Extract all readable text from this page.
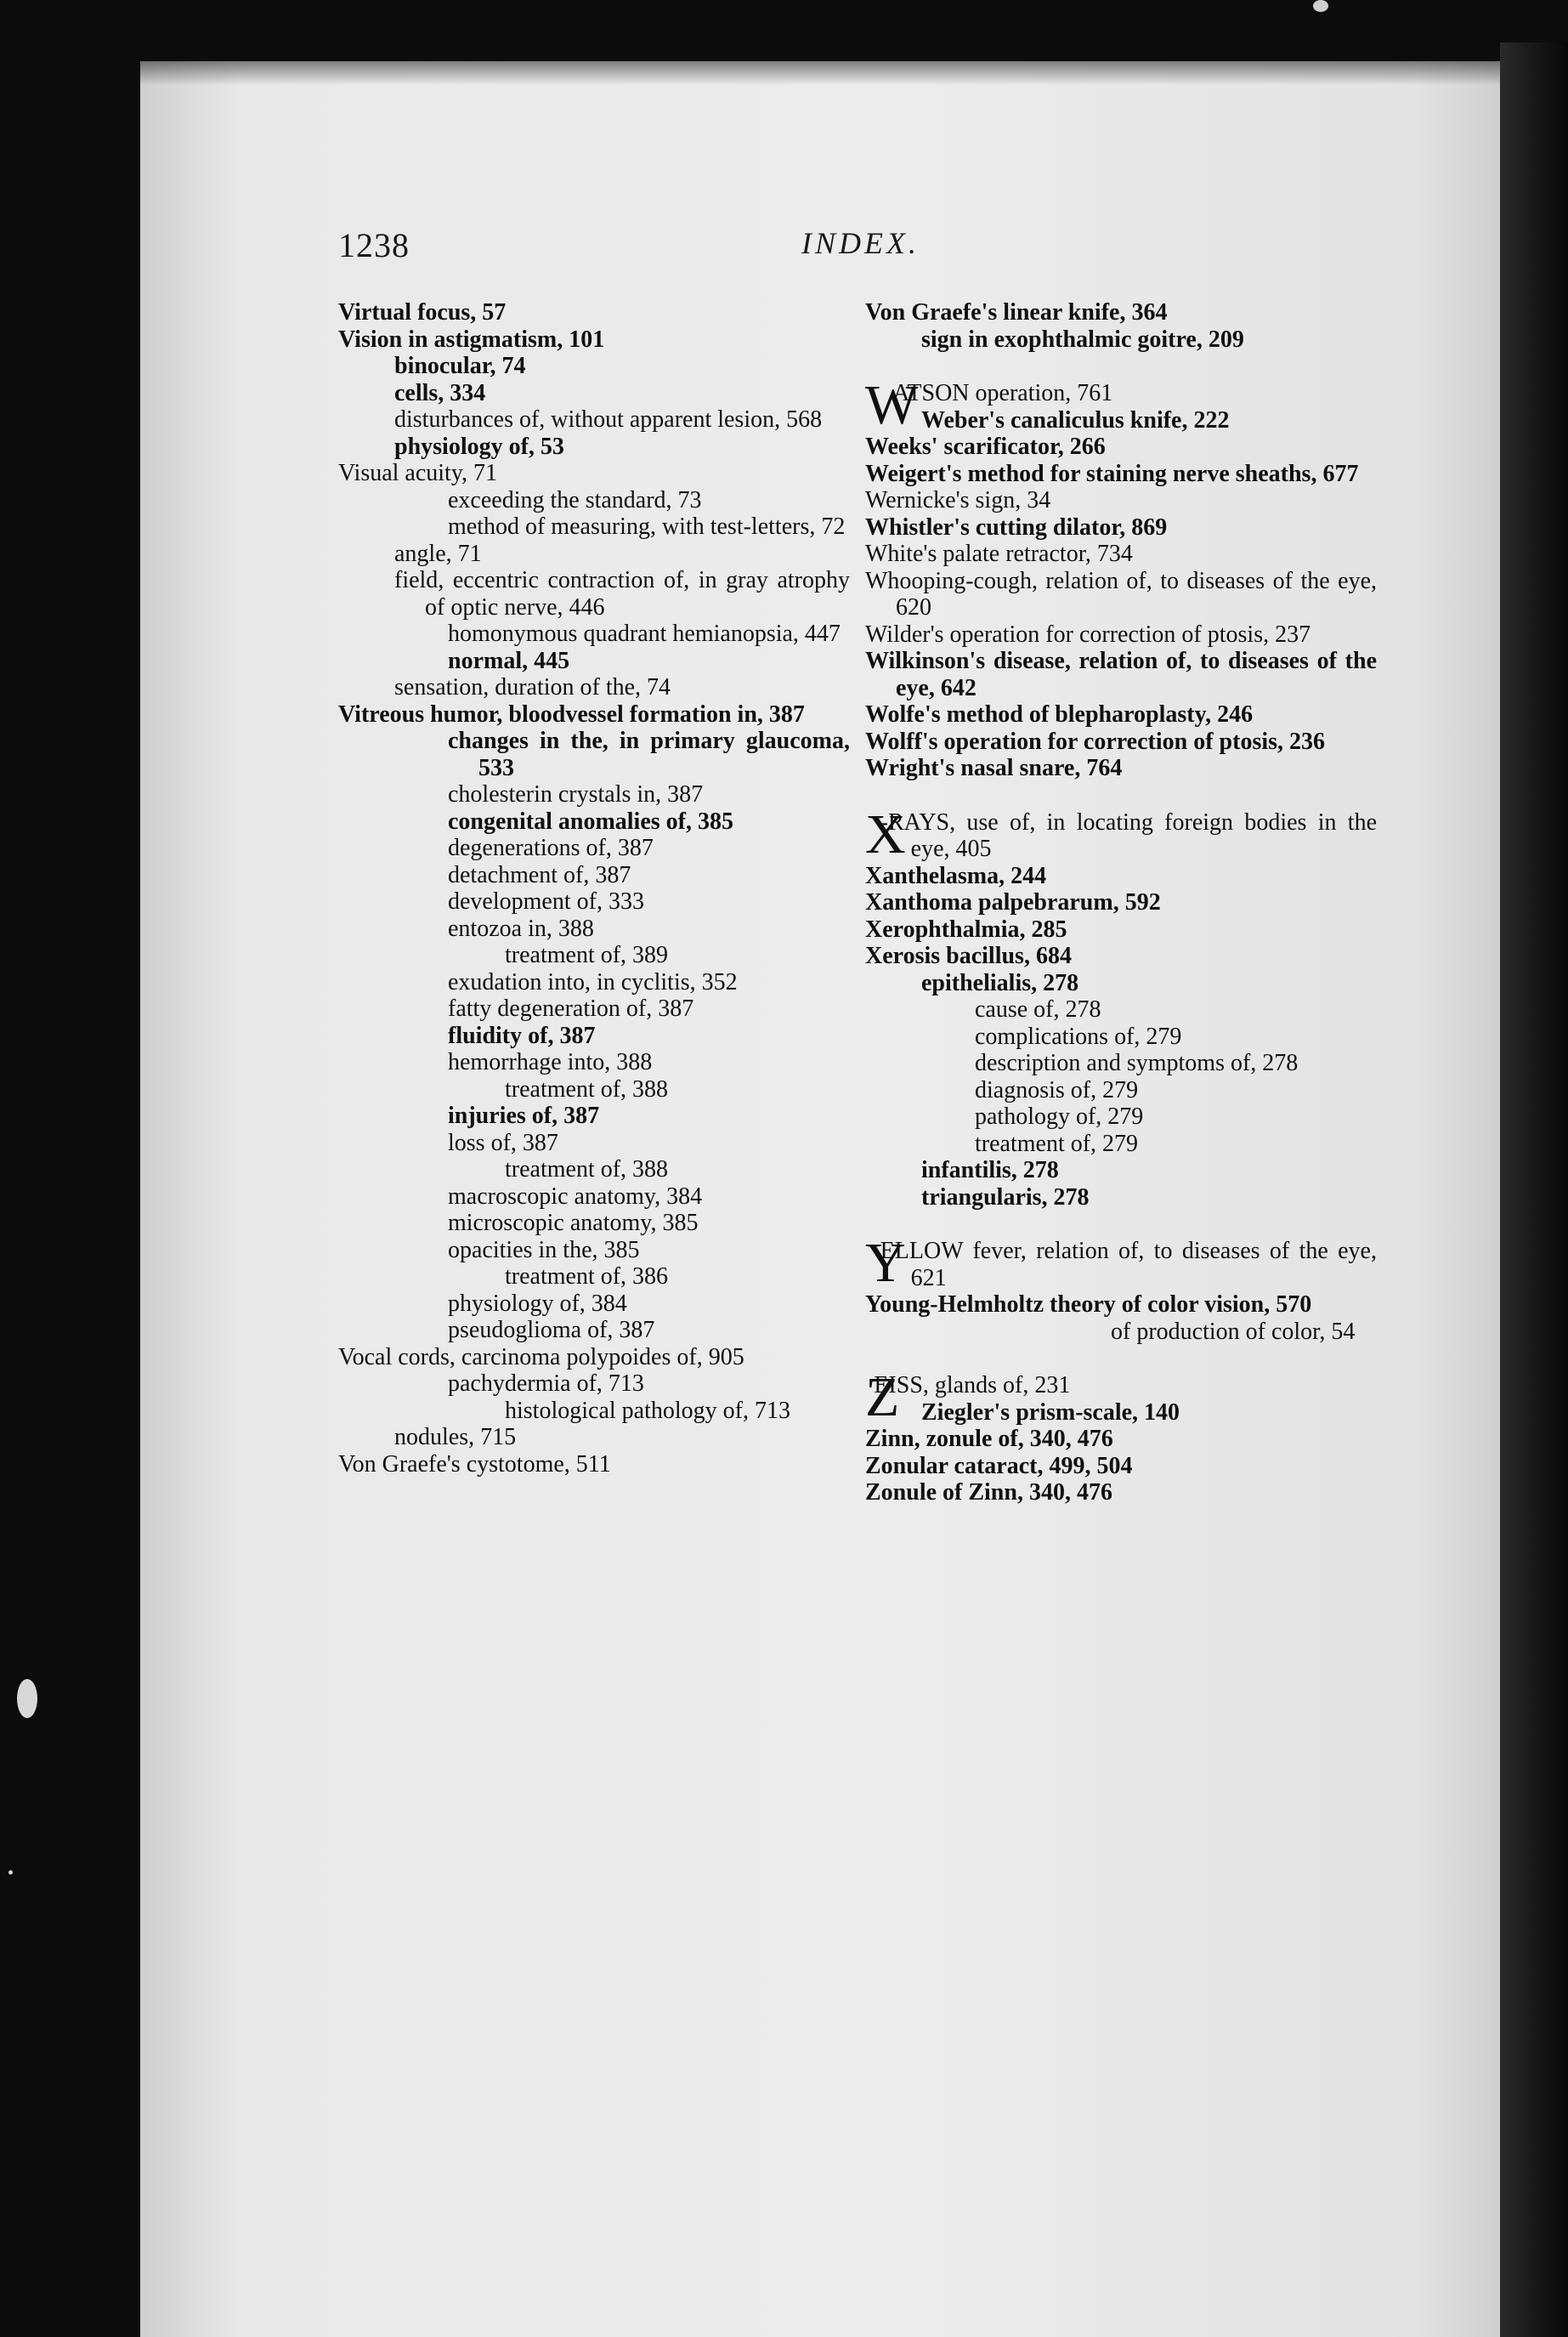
1238	INDEX.
Virtual focus, 57
Vision in astigmatism, 101
binocular, 74
cells, 334
disturbances of, without apparent lesion, 568
physiology of, 53
Visual acuity, 71
exceeding the standard, 73
method of measuring, with test-letters, 72
angle, 71
field, eccentric contraction of, in gray atrophy of optic nerve, 446
homonymous quadrant hemianopsia, 447
normal, 445
sensation, duration of the, 74
Vitreous humor, bloodvessel formation in, 387
changes in the, in primary glaucoma, 533
cholesterin crystals in, 387
congenital anomalies of, 385
degenerations of, 387
detachment of, 387
development of, 333
entozoa in, 388
treatment of, 389
exudation into, in cyclitis, 352
fatty degeneration of, 387
fluidity of, 387
hemorrhage into, 388
treatment of, 388
injuries of, 387
loss of, 387
treatment of, 388
macroscopic anatomy, 384
microscopic anatomy, 385
opacities in the, 385
treatment of, 386
physiology of, 384
pseudoglioma of, 387
Vocal cords, carcinoma polypoides of, 905
pachydermia of, 713
histological pathology of, 713
nodules, 715
Von Graefe's cystotome, 511
Von Graefe's linear knife, 364
sign in exophthalmic goitre, 209
WATSON operation, 761
Weber's canaliculus knife, 222
Weeks' scarificator, 266
Weigert's method for staining nerve sheaths, 677
Wernicke's sign, 34
Whistler's cutting dilator, 869
White's palate retractor, 734
Whooping-cough, relation of, to diseases of the eye, 620
Wilder's operation for correction of ptosis, 237
Wilkinson's disease, relation of, to diseases of the eye, 642
Wolfe's method of blepharoplasty, 246
Wolff's operation for correction of ptosis, 236
Wright's nasal snare, 764
X-RAYS, use of, in locating foreign bodies in the eye, 405
Xanthelasma, 244
Xanthoma palpebrarum, 592
Xerophthalmia, 285
Xerosis bacillus, 684
epithelialis, 278
cause of, 278
complications of, 279
description and symptoms of, 278
diagnosis of, 279
pathology of, 279
treatment of, 279
infantilis, 278
triangularis, 278
YELLOW fever, relation of, to diseases of the eye, 621
Young-Helmholtz theory of color vision, 570
of production of color, 54
ZEISS, glands of, 231
Ziegler's prism-scale, 140
Zinn, zonule of, 340, 476
Zonular cataract, 499, 504
Zonule of Zinn, 340, 476
